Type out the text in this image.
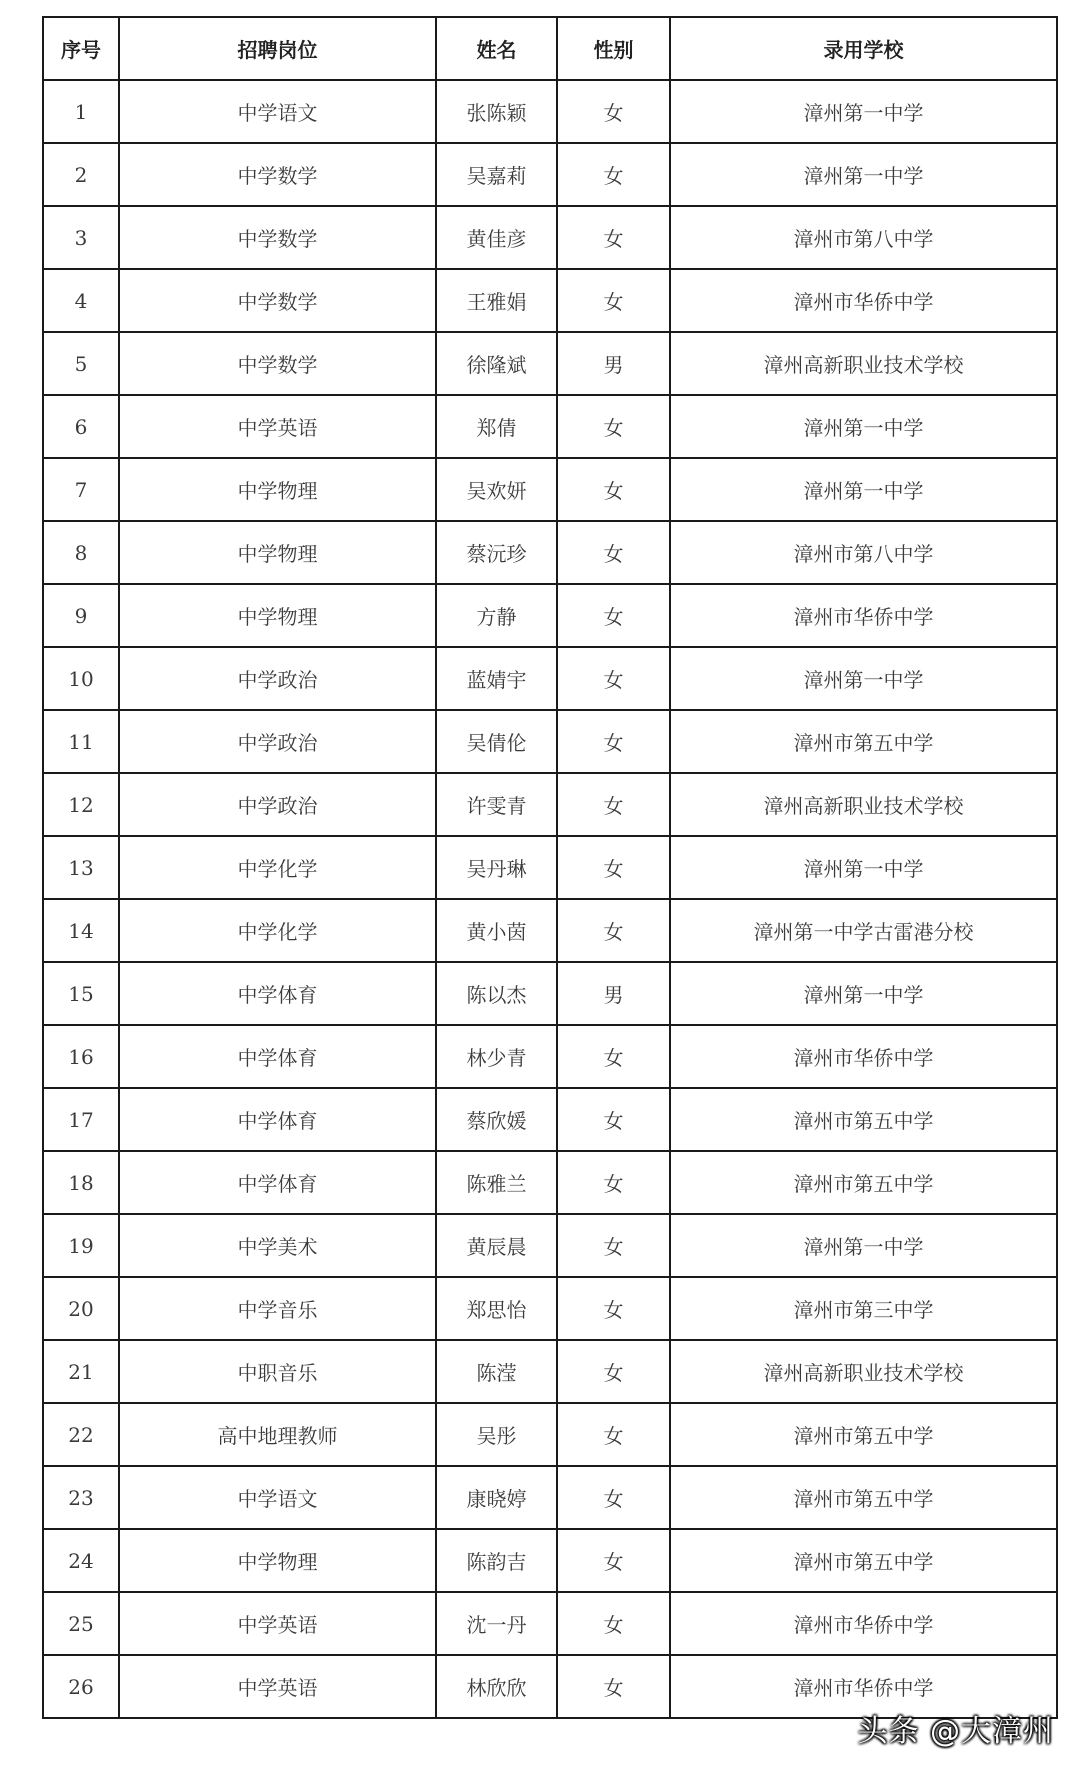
序号	招聘岗位	姓名	性别	录用学校
1	中学语文	张陈颖	女	漳州第一中学
2	中学数学	吴嘉莉	女	漳州第一中学
3	中学数学	黄佳彦	女	漳州市第八中学
4	中学数学	王雅娟	女	漳州市华侨中学
5	中学数学	徐隆斌	男	漳州高新职业技术学校
6	中学英语	郑倩	女	漳州第一中学
7	中学物理	吴欢妍	女	漳州第一中学
8	中学物理	蔡沅珍	女	漳州市第八中学
9	中学物理	方静	女	漳州市华侨中学
10	中学政治	蓝婧宇	女	漳州第一中学
11	中学政治	吴倩伦	女	漳州市第五中学
12	中学政治	许雯青	女	漳州高新职业技术学校
13	中学化学	吴丹琳	女	漳州第一中学
14	中学化学	黄小茵	女	漳州第一中学古雷港分校
15	中学体育	陈以杰	男	漳州第一中学
16	中学体育	林少青	女	漳州市华侨中学
17	中学体育	蔡欣媛	女	漳州市第五中学
18	中学体育	陈雅兰	女	漳州市第五中学
19	中学美术	黄辰晨	女	漳州第一中学
20	中学音乐	郑思怡	女	漳州市第三中学
21	中职音乐	陈滢	女	漳州高新职业技术学校
22	高中地理教师	吴彤	女	漳州市第五中学
23	中学语文	康晓婷	女	漳州市第五中学
24	中学物理	陈韵吉	女	漳州市第五中学
25	中学英语	沈一丹	女	漳州市华侨中学
26	中学英语	林欣欣	女	漳州市华侨中学
头条 @大漳州
